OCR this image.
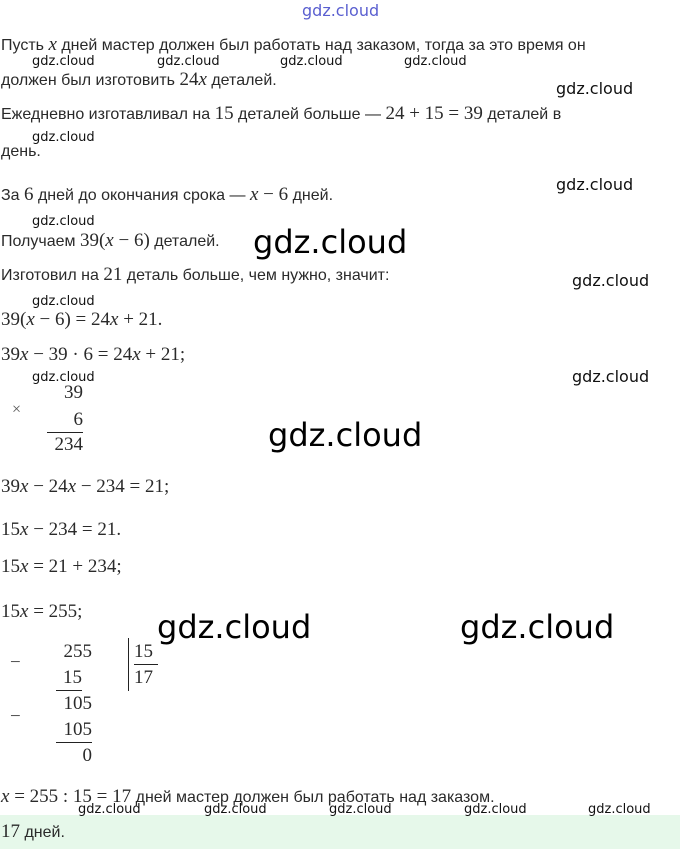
gdz.cloud
Пусть x дней мастер должен был работать над заказом, тогда за это время он
должен был изготовить 24x деталей.
Ежедневно изготавливал на 15 деталей больше — 24 + 15 = 39 деталей в
день.
За 6 дней до окончания срока — x − 6 дней.
Получаем 39(x − 6) деталей.
Изготовил на 21 деталь больше, чем нужно, значит:
39(x − 6) = 24x + 21.
39x − 39 · 6 = 24x + 21;
×
39
6
234
39x − 24x − 234 = 21;
15x − 234 = 21.
15x = 21 + 234;
15x = 255;
−
255
15
−
105
105
0
15
17
x = 255 : 15 = 17 дней мастер должен был работать над заказом.
17 дней.
gdz.cloud	gdz.cloud	gdz.cloud	gdz.cloud
gdz.cloud
gdz.cloud
gdz.cloud
gdz.cloud
gdz.cloud	gdz.cloud	gdz.cloud	gdz.cloud	gdz.cloud
gdz.cloud
gdz.cloud
gdz.cloud
gdz.cloud
gdz.cloud
gdz.cloud
gdz.cloud	gdz.cloud
